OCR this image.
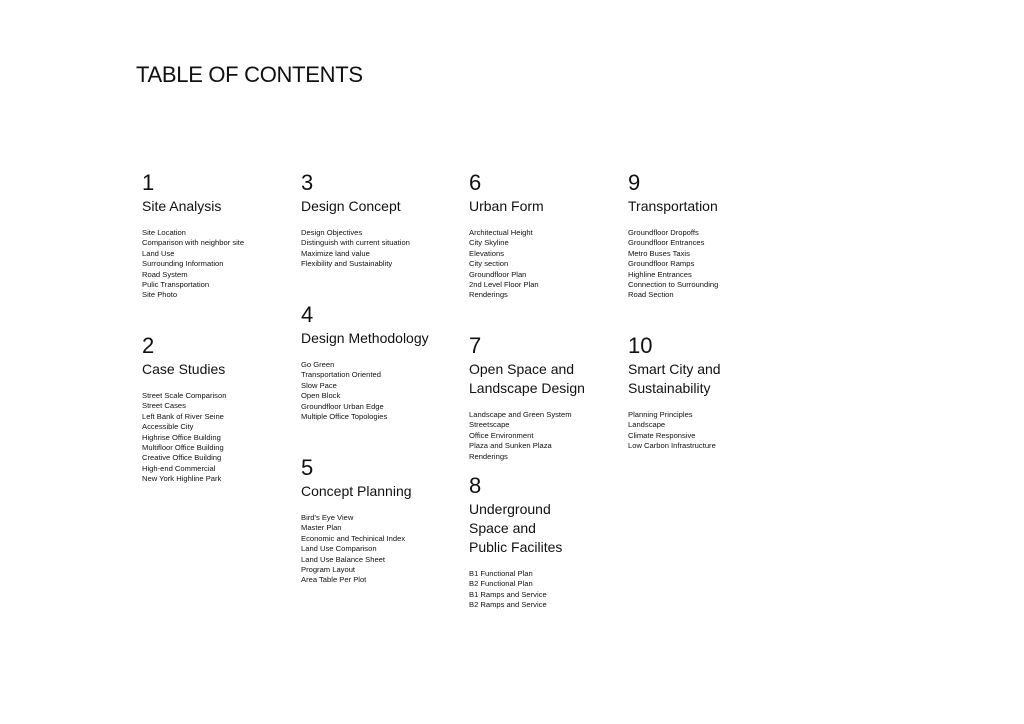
TABLE OF CONTENTS
1
Site Analysis
Site Location
Comparison with neighbor site
Land Use
Surrounding Information
Road System
Pulic Transportation
Site Photo
2
Case Studies
Street Scale Comparison
Street Cases
Left Bank of River Seine
Accessible City
Highrise Office Building
Multifloor Office Building
Creative Office Building
High-end Commercial
New York Highline Park
3
Design Concept
Design Objectives
Distinguish with current situation
Maximize land value
Flexibility and Sustainablity
4
Design Methodology
Go Green
Transportation Oriented
Slow Pace
Open Block
Groundfloor Urban Edge
Multiple Office Topologies
5
Concept Planning
Bird's Eye View
Master Plan
Economic and Techinical Index
Land Use Comparison
Land Use Balance Sheet
Program Layout
Area Table Per Plot
6
Urban Form
Architectual Height
City Skyline
Elevations
City section
Groundfloor Plan
2nd Level Floor Plan
Renderings
7
Open Space and
Landscape Design
Landscape and Green System
Streetscape
Office Environment
Plaza and Sunken Plaza
Renderings
8
Underground
Space and
Public Facilites
B1 Functional Plan
B2 Functional Plan
B1 Ramps and Service
B2 Ramps and Service
9
Transportation
Groundfloor Dropoffs
Groundfloor Entrances
Metro Buses Taxis
Groundfloor Ramps
Highline Entrances
Connection to Surrounding
Road Section
10
Smart City and
Sustainability
Planning Principles
Landscape
Climate Responsive
Low Carbon Infrastructure
